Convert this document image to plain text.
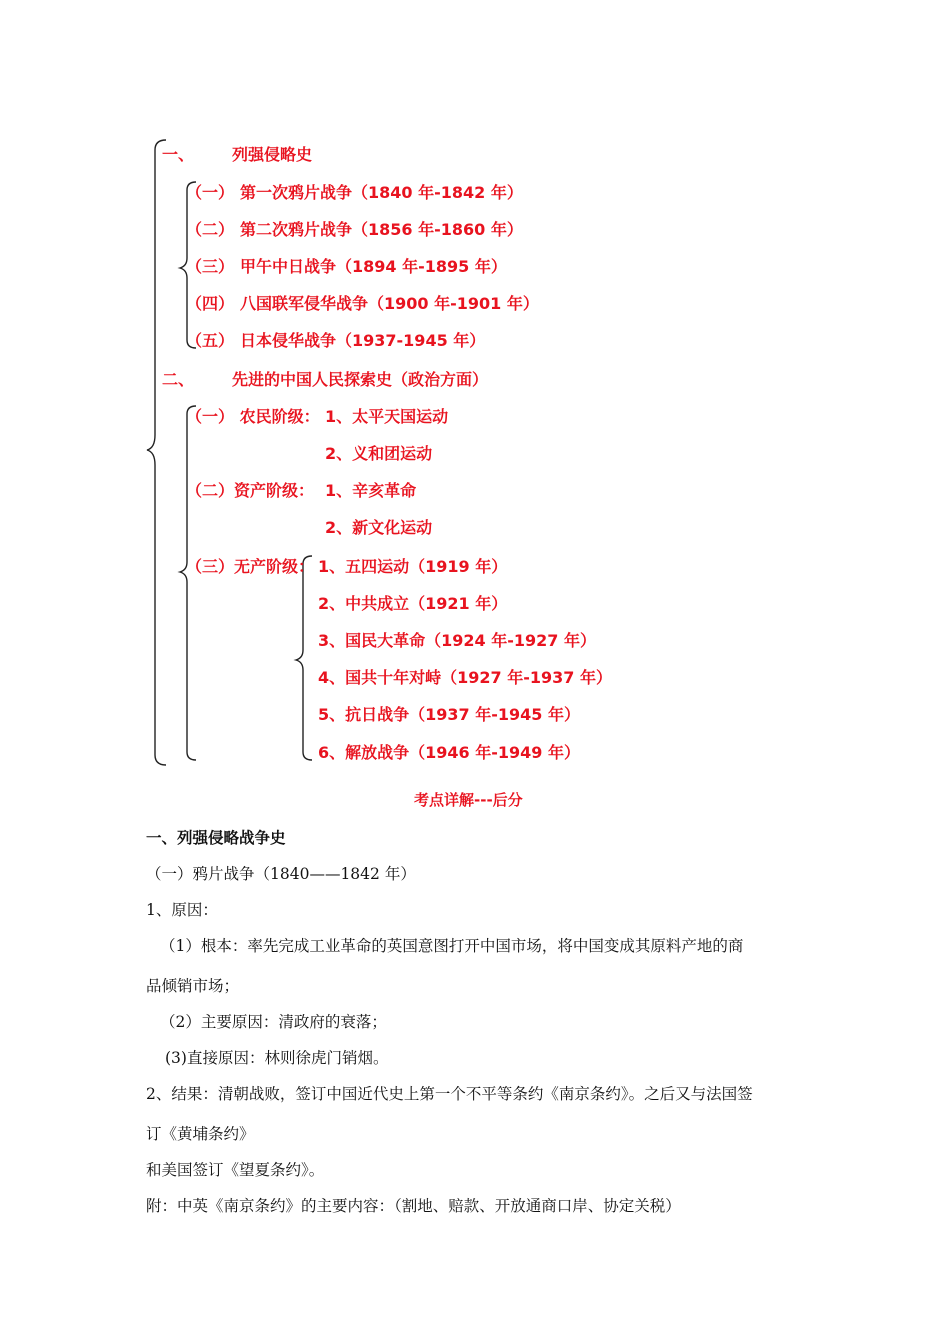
一、 列强侵略史
（一） 第一次鸦片战争（1840 年-1842 年）
（二） 第二次鸦片战争（1856 年-1860 年）
（三） 甲午中日战争（1894 年-1895 年）
（四） 八国联军侵华战争（1900 年-1901 年）
（五） 日本侵华战争（1937-1945 年）
二、 先进的中国人民探索史（政治方面）
（一） 农民阶级： 1、太平天国运动
2、义和团运动
（二）资产阶级： 1、辛亥革命
2、新文化运动
（三）无产阶级： 1、五四运动（1919 年）
2、中共成立（1921 年）
3、国民大革命（1924 年-1927 年）
4、国共十年对峙（1927 年-1937 年）
5、抗日战争（1937 年-1945 年）
6、解放战争（1946 年-1949 年）
考点详解---后分
一、列强侵略战争史
（一）鸦片战争（1840——1842 年）
1、原因：
（1）根本：率先完成工业革命的英国意图打开中国市场，将中国变成其原料产地的商
品倾销市场；
（2）主要原因：清政府的衰落；
(3)直接原因：林则徐虎门销烟。
2、结果：清朝战败，签订中国近代史上第一个不平等条约《南京条约》。之后又与法国签
订《黄埔条约》
和美国签订《望夏条约》。
附：中英《南京条约》的主要内容：（割地、赔款、开放通商口岸、协定关税）
